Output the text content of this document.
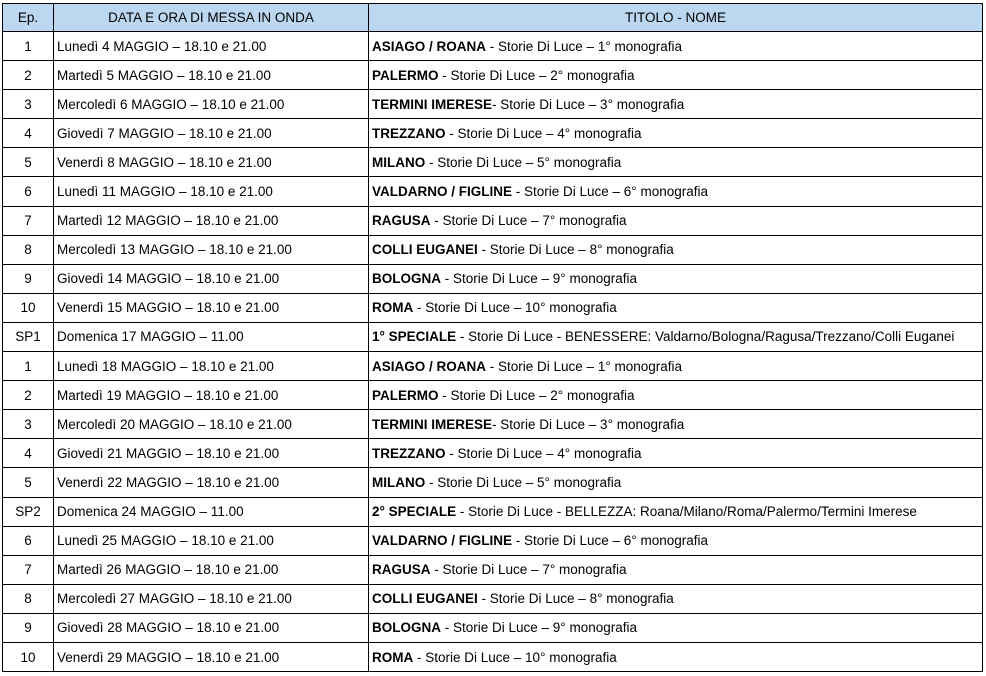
Ep.	DATA E ORA DI MESSA IN ONDA	TITOLO - NOME
1	Lunedì 4 MAGGIO – 18.10 e 21.00	ASIAGO / ROANA - Storie Di Luce – 1° monografia
2	Martedì 5 MAGGIO – 18.10 e 21.00	PALERMO - Storie Di Luce – 2° monografia
3	Mercoledì 6 MAGGIO – 18.10 e 21.00	TERMINI IMERESE- Storie Di Luce – 3° monografia
4	Giovedì 7 MAGGIO – 18.10 e 21.00	TREZZANO - Storie Di Luce – 4° monografia
5	Venerdì 8 MAGGIO – 18.10 e 21.00	MILANO - Storie Di Luce – 5° monografia
6	Lunedì 11 MAGGIO – 18.10 e 21.00	VALDARNO / FIGLINE - Storie Di Luce – 6° monografia
7	Martedì 12 MAGGIO – 18.10 e 21.00	RAGUSA - Storie Di Luce – 7° monografia
8	Mercoledì 13 MAGGIO – 18.10 e 21.00	COLLI EUGANEI - Storie Di Luce – 8° monografia
9	Giovedì 14 MAGGIO – 18.10 e 21.00	BOLOGNA - Storie Di Luce – 9° monografia
10	Venerdì 15 MAGGIO – 18.10 e 21.00	ROMA - Storie Di Luce – 10° monografia
SP1	Domenica 17 MAGGIO – 11.00	1° SPECIALE - Storie Di Luce - BENESSERE: Valdarno/Bologna/Ragusa/Trezzano/Colli Euganei
1	Lunedì 18 MAGGIO – 18.10 e 21.00	ASIAGO / ROANA - Storie Di Luce – 1° monografia
2	Martedì 19 MAGGIO – 18.10 e 21.00	PALERMO - Storie Di Luce – 2° monografia
3	Mercoledì 20 MAGGIO – 18.10 e 21.00	TERMINI IMERESE- Storie Di Luce – 3° monografia
4	Giovedì 21 MAGGIO – 18.10 e 21.00	TREZZANO - Storie Di Luce – 4° monografia
5	Venerdì 22 MAGGIO – 18.10 e 21.00	MILANO - Storie Di Luce – 5° monografia
SP2	Domenica 24 MAGGIO – 11.00	2° SPECIALE - Storie Di Luce - BELLEZZA: Roana/Milano/Roma/Palermo/Termini Imerese
6	Lunedì 25 MAGGIO – 18.10 e 21.00	VALDARNO / FIGLINE - Storie Di Luce – 6° monografia
7	Martedì 26 MAGGIO – 18.10 e 21.00	RAGUSA - Storie Di Luce – 7° monografia
8	Mercoledì 27 MAGGIO – 18.10 e 21.00	COLLI EUGANEI - Storie Di Luce – 8° monografia
9	Giovedì 28 MAGGIO – 18.10 e 21.00	BOLOGNA - Storie Di Luce – 9° monografia
10	Venerdì 29 MAGGIO – 18.10 e 21.00	ROMA - Storie Di Luce – 10° monografia
